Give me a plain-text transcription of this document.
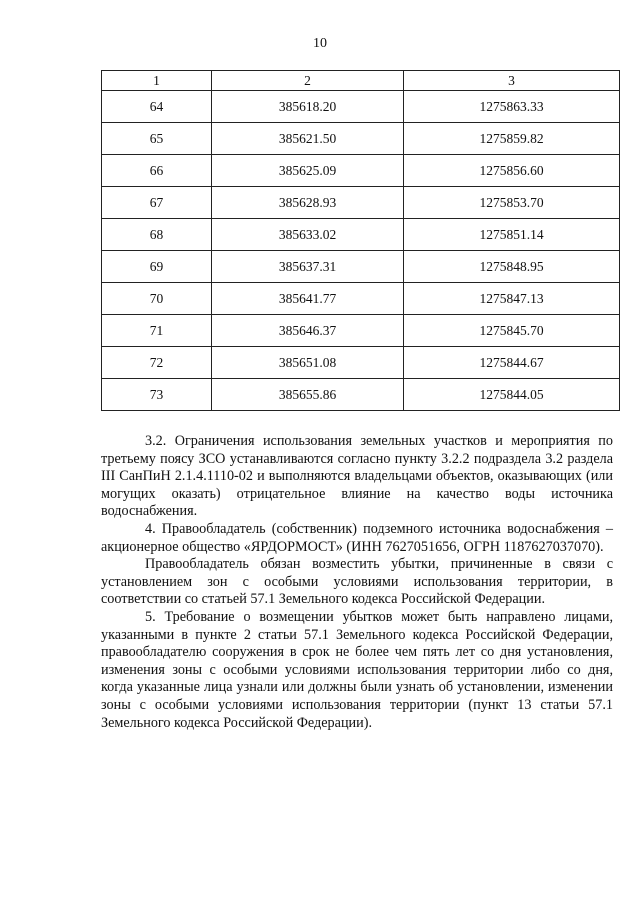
10
1	2	3
64	385618.20	1275863.33
65	385621.50	1275859.82
66	385625.09	1275856.60
67	385628.93	1275853.70
68	385633.02	1275851.14
69	385637.31	1275848.95
70	385641.77	1275847.13
71	385646.37	1275845.70
72	385651.08	1275844.67
73	385655.86	1275844.05

3.2. Ограничения использования земельных участков и мероприятия по третьему поясу ЗСО устанавливаются согласно пункту 3.2.2 подраздела 3.2 раздела III СанПиН 2.1.4.1110-02 и выполняются владельцами объектов, оказывающих (или могущих оказать) отрицательное влияние на качество воды источника водоснабжения.

4. Правообладатель (собственник) подземного источника водоснабжения – акционерное общество «ЯРДОРМОСТ» (ИНН 7627051656, ОГРН 1187627037070).

Правообладатель обязан возместить убытки, причиненные в связи с установлением зон с особыми условиями использования территории, в соответствии со статьей 57.1 Земельного кодекса Российской Федерации.

5. Требование о возмещении убытков может быть направлено лицами, указанными в пункте 2 статьи 57.1 Земельного кодекса Российской Федерации, правообладателю сооружения в срок не более чем пять лет со дня установления, изменения зоны с особыми условиями использования территории либо со дня, когда указанные лица узнали или должны были узнать об установлении, изменении зоны с особыми условиями использования территории (пункт 13 статьи 57.1 Земельного кодекса Российской Федерации).
